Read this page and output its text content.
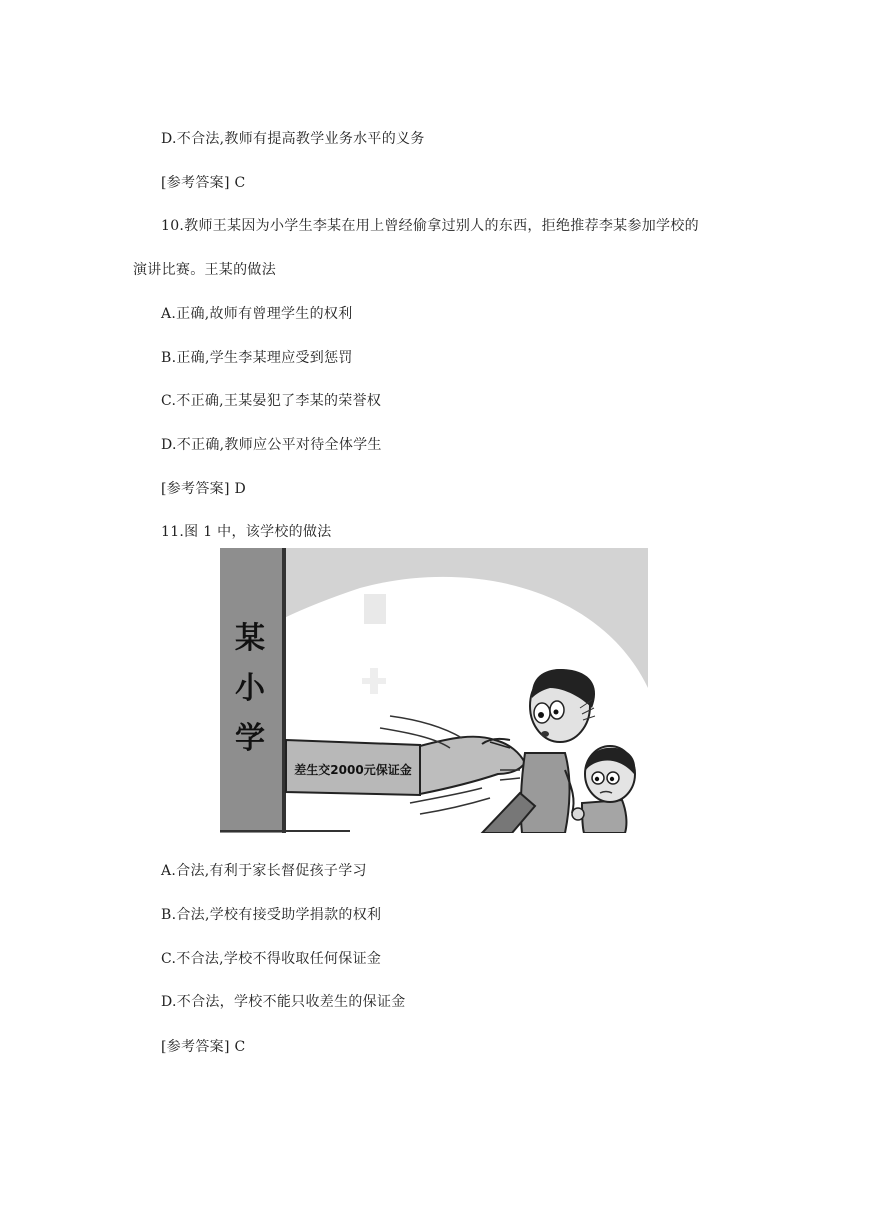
D.不合法,教师有提高教学业务水平的义务
[参考答案] C
10.教师王某因为小学生李某在用上曾经偷拿过别人的东西，拒绝推荐李某参加学校的
演讲比赛。王某的做法
A.正确,故师有曾理学生的权利
B.正确,学生李某理应受到惩罚
C.不正确,王某晏犯了李某的荣誉权
D.不正确,教师应公平对待全体学生
[参考答案] D
11.图 1 中，该学校的做法
某
小
学
差生交2000元保证金
A.合法,有利于家长督促孩子学习
B.合法,学校有接受助学捐款的权利
C.不合法,学校不得收取任何保证金
D.不合法，学校不能只收差生的保证金
[参考答案] C
